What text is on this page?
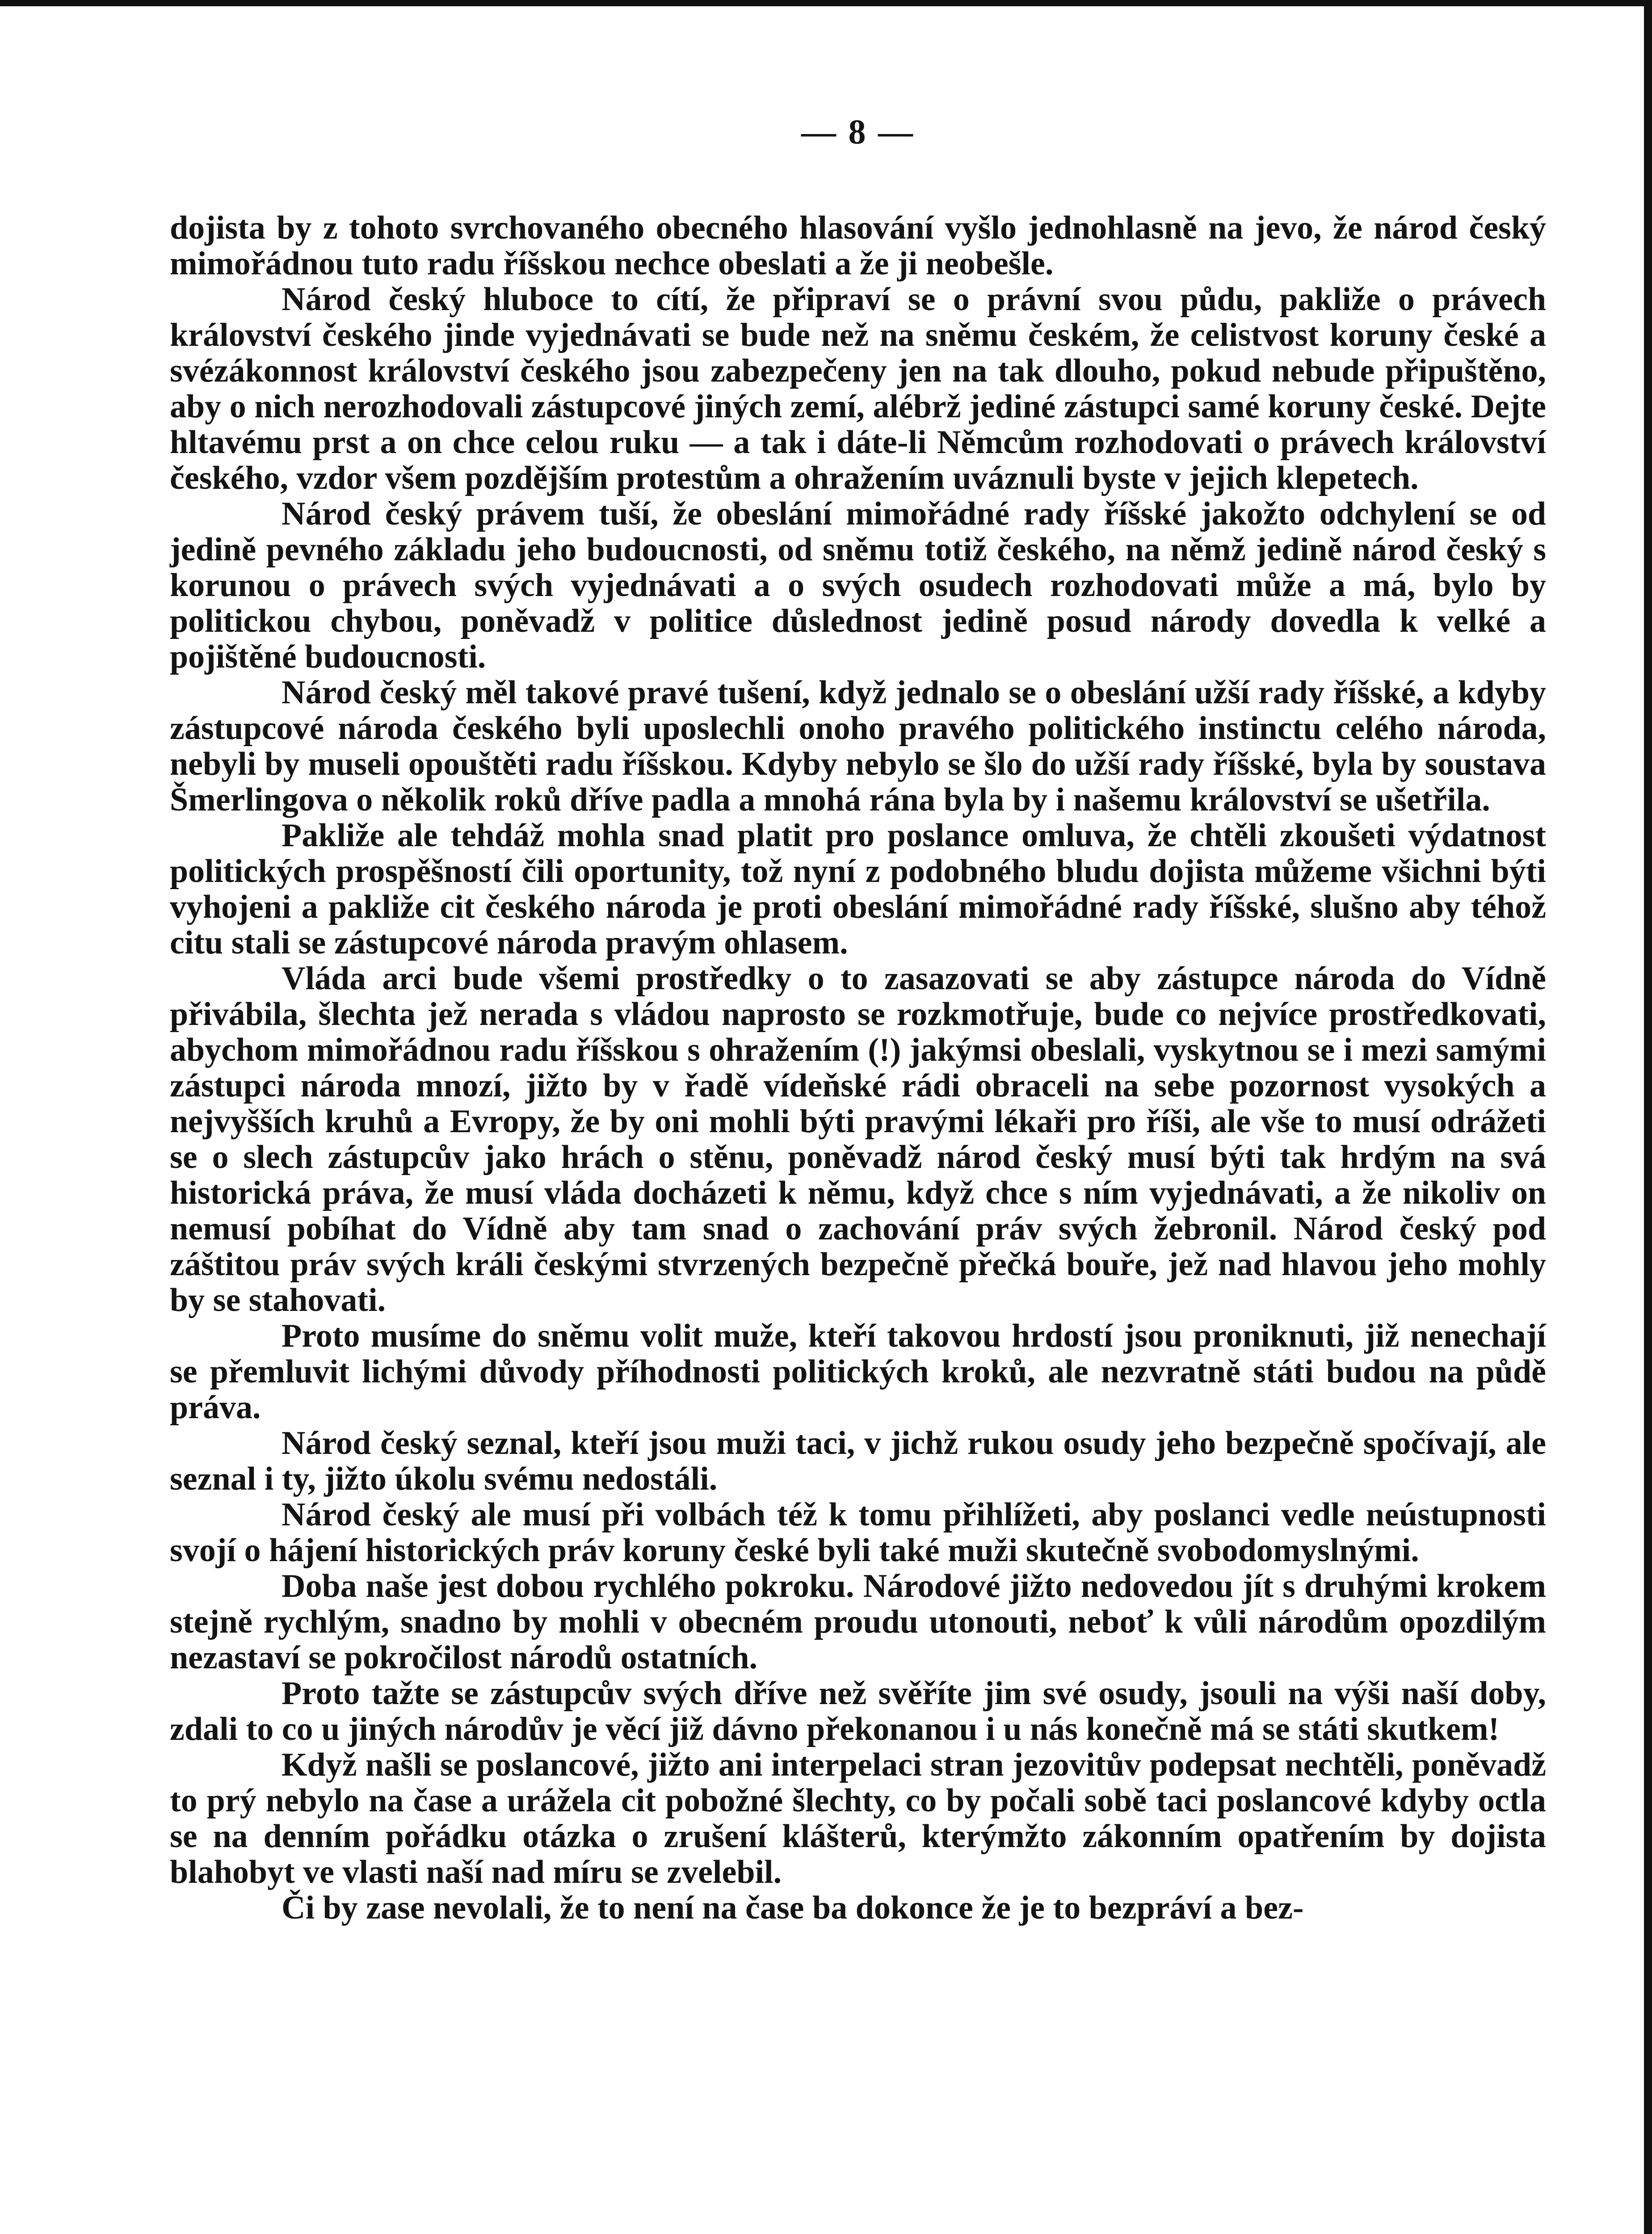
— 8 —

dojista by z tohoto svrchovaného obecného hlasování vyšlo jednohlasně na jevo, že národ český mimořádnou tuto radu říšskou nechce obeslati a že ji neobešle.

Národ český hluboce to cítí, že připraví se o právní svou půdu, pakliže o právech království českého jinde vyjednávati se bude než na sněmu českém, že celistvost koruny české a svézákonnost království českého jsou zabezpečeny jen na tak dlouho, pokud nebude připuštěno, aby o nich nerozhodovali zástupcové jiných zemí, alébrž jediné zástupci samé koruny české. Dejte hltavému prst a on chce celou ruku — a tak i dáte-li Němcům rozhodovati o právech království českého, vzdor všem pozdějším protestům a ohražením uváznuli byste v jejich klepetech.

Národ český právem tuší, že obeslání mimořádné rady říšské jakožto odchylení se od jedině pevného základu jeho budoucnosti, od sněmu totiž českého, na němž jedině národ český s korunou o právech svých vyjednávati a o svých osudech rozhodovati může a má, bylo by politickou chybou, poněvadž v politice důslednost jedině posud národy dovedla k velké a pojištěné budoucnosti.

Národ český měl takové pravé tušení, když jednalo se o obeslání užší rady říšské, a kdyby zástupcové národa českého byli uposlechli onoho pravého politického instinctu celého národa, nebyli by museli opouštěti radu říšskou. Kdyby nebylo se šlo do užší rady říšské, byla by soustava Šmerlingova o několik roků dříve padla a mnohá rána byla by i našemu království se ušetřila.

Pakliže ale tehdáž mohla snad platit pro poslance omluva, že chtěli zkoušeti výdatnost politických prospěšností čili oportunity, tož nyní z podobného bludu dojista můžeme všichni býti vyhojeni a pakliže cit českého národa je proti obeslání mimořádné rady říšské, slušno aby téhož citu stali se zástupcové národa pravým ohlasem.

Vláda arci bude všemi prostředky o to zasazovati se aby zástupce národa do Vídně přivábila, šlechta jež nerada s vládou naprosto se rozkmotřuje, bude co nejvíce prostředkovati, abychom mimořádnou radu říšskou s ohražením (!) jakýmsi obeslali, vyskytnou se i mezi samými zástupci národa mnozí, jižto by v řadě vídeňské rádi obraceli na sebe pozornost vysokých a nejvyšších kruhů a Evropy, že by oni mohli býti pravými lékaři pro říši, ale vše to musí odrážeti se o slech zástupcův jako hrách o stěnu, poněvadž národ český musí býti tak hrdým na svá historická práva, že musí vláda docházeti k němu, když chce s ním vyjednávati, a že nikoliv on nemusí pobíhat do Vídně aby tam snad o zachování práv svých žebronil. Národ český pod záštitou práv svých králi českými stvrzených bezpečně přečká bouře, jež nad hlavou jeho mohly by se stahovati.

Proto musíme do sněmu volit muže, kteří takovou hrdostí jsou proniknuti, již nenechají se přemluvit lichými důvody příhodnosti politických kroků, ale nezvratně státi budou na půdě práva.

Národ český seznal, kteří jsou muži taci, v jichž rukou osudy jeho bezpečně spočívají, ale seznal i ty, jižto úkolu svému nedostáli.

Národ český ale musí při volbách též k tomu přihlížeti, aby poslanci vedle neústupnosti svojí o hájení historických práv koruny české byli také muži skutečně svobodomyslnými.

Doba naše jest dobou rychlého pokroku. Národové jižto nedovedou jít s druhými krokem stejně rychlým, snadno by mohli v obecném proudu utonouti, neboť k vůli národům opozdilým nezastaví se pokročilost národů ostatních.

Proto tažte se zástupcův svých dříve než svěříte jim své osudy, jsouli na výši naší doby, zdali to co u jiných národův je věcí již dávno překonanou i u nás konečně má se státi skutkem!

Když našli se poslancové, jižto ani interpelaci stran jezovitův podepsat nechtěli, poněvadž to prý nebylo na čase a urážela cit pobožné šlechty, co by počali sobě taci poslancové kdyby octla se na denním pořádku otázka o zrušení klášterů, kterýmžto zákonním opatřením by dojista blahobyt ve vlasti naší nad míru se zvelebil.

Či by zase nevolali, že to není na čase ba dokonce že je to bezpráví a bez-
